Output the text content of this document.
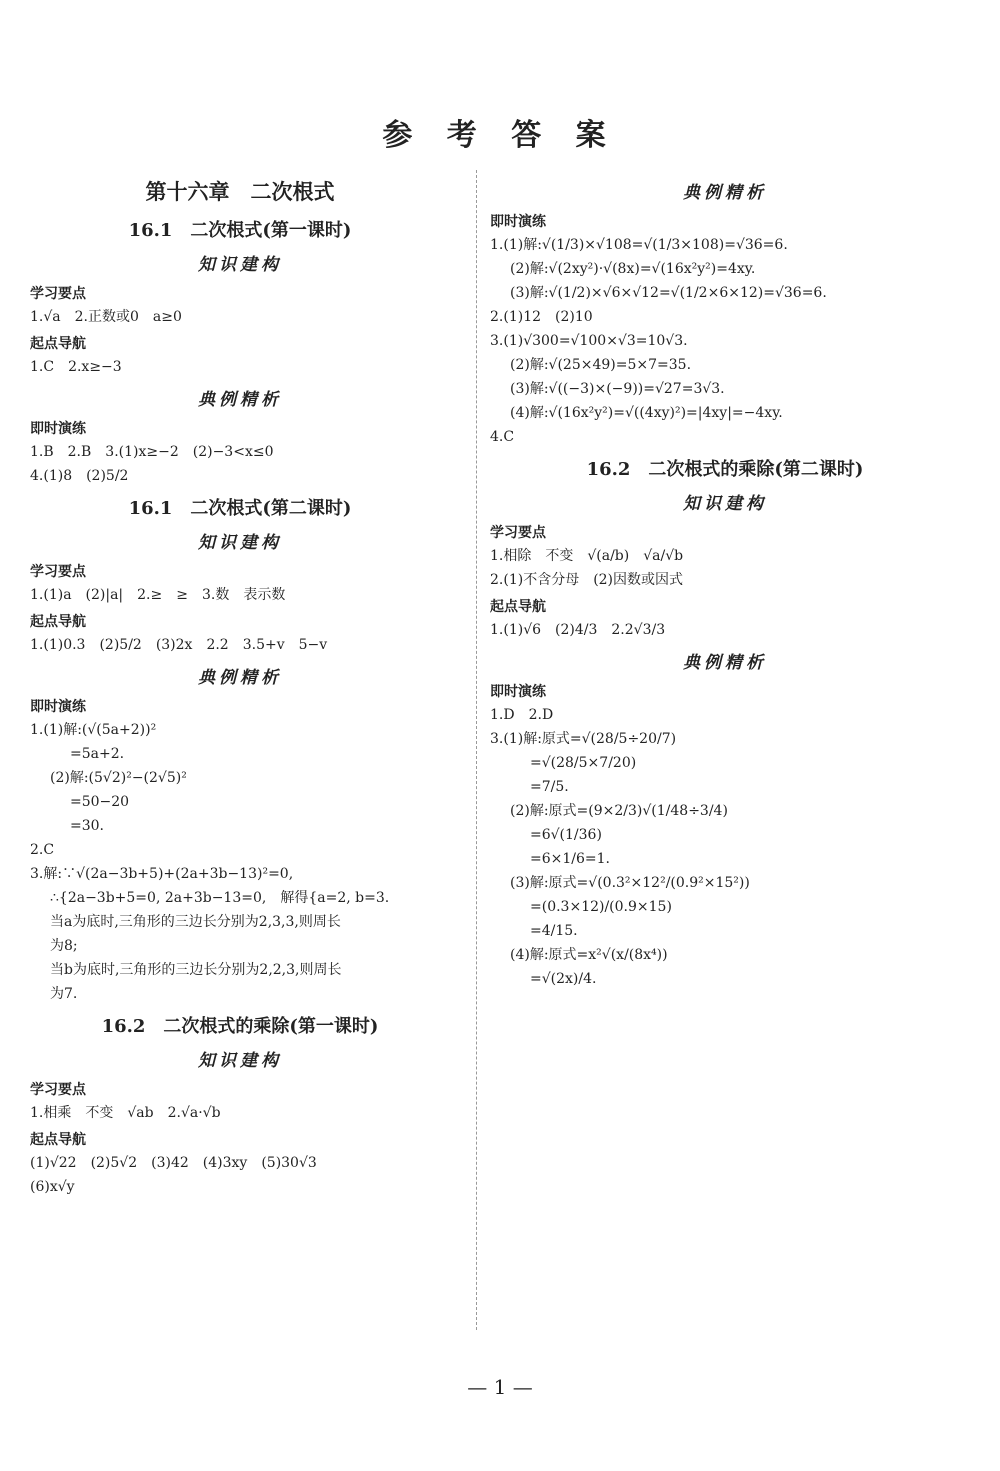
参 考 答 案
第十六章　二次根式
16.1　二次根式(第一课时)
知识建构
学习要点
1.√a　2.正数或0　a≥0
起点导航
1.C　2.x≥−3
典例精析
即时演练
1.B　2.B　3.(1)x≥−2　(2)−3<x≤0
4.(1)8　(2)5/2
16.1　二次根式(第二课时)
知识建构
学习要点
1.(1)a　(2)|a|　2.≥　≥　3.数　表示数
起点导航
1.(1)0.3　(2)5/2　(3)2x　2.2　3.5+v　5−v
典例精析
即时演练
1.(1)解:(√(5a+2))²
=5a+2.
(2)解:(5√2)²−(2√5)²
=50−20
=30.
2.C
3.解:∵√(2a−3b+5)+(2a+3b−13)²=0,
∴{2a−3b+5=0, 2a+3b−13=0,　解得{a=2, b=3.
当a为底时,三角形的三边长分别为2,3,3,则周长
为8;
当b为底时,三角形的三边长分别为2,2,3,则周长
为7.
16.2　二次根式的乘除(第一课时)
知识建构
学习要点
1.相乘　不变　√ab　2.√a·√b
起点导航
(1)√22　(2)5√2　(3)42　(4)3xy　(5)30√3
(6)x√y
典例精析
即时演练
1.(1)解:√(1/3)×√108=√(1/3×108)=√36=6.
(2)解:√(2xy²)·√(8x)=√(16x²y²)=4xy.
(3)解:√(1/2)×√6×√12=√(1/2×6×12)=√36=6.
2.(1)12　(2)10
3.(1)√300=√100×√3=10√3.
(2)解:√(25×49)=5×7=35.
(3)解:√((−3)×(−9))=√27=3√3.
(4)解:√(16x²y²)=√((4xy)²)=|4xy|=−4xy.
4.C
16.2　二次根式的乘除(第二课时)
知识建构
学习要点
1.相除　不变　√(a/b)　√a/√b
2.(1)不含分母　(2)因数或因式
起点导航
1.(1)√6　(2)4/3　2.2√3/3
典例精析
即时演练
1.D　2.D
3.(1)解:原式=√(28/5÷20/7)
=√(28/5×7/20)
=7/5.
(2)解:原式=(9×2/3)√(1/48÷3/4)
=6√(1/36)
=6×1/6=1.
(3)解:原式=√(0.3²×12²/(0.9²×15²))
=(0.3×12)/(0.9×15)
=4/15.
(4)解:原式=x²√(x/(8x⁴))
=√(2x)/4.
— 1 —
